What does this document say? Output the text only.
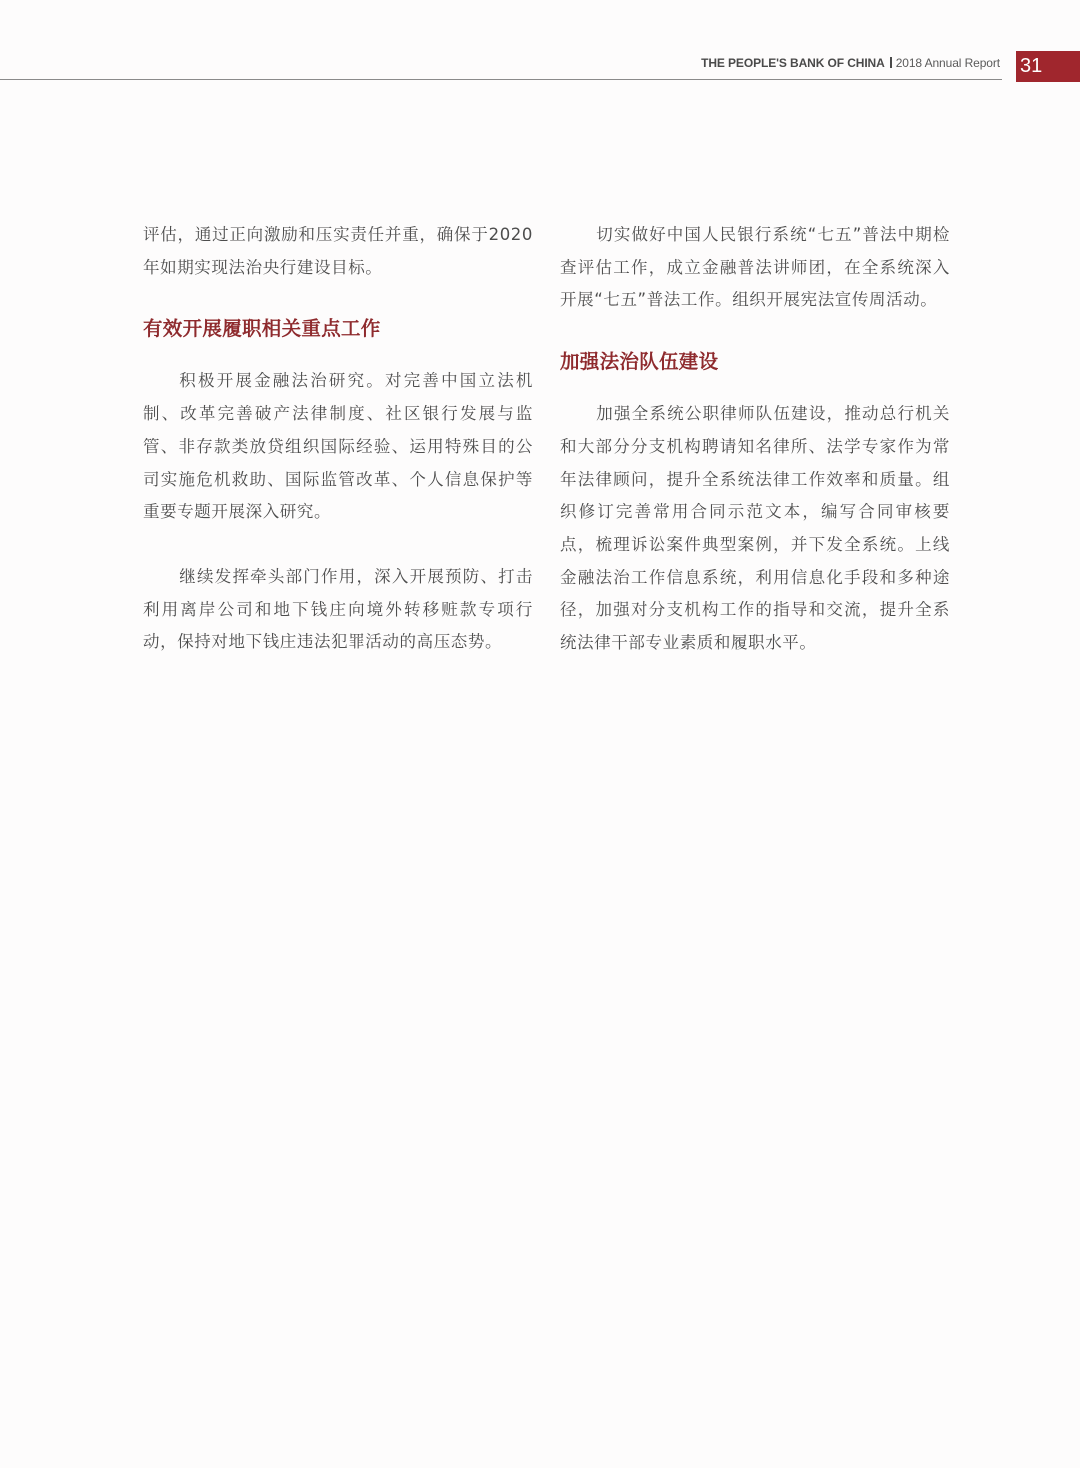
THE PEOPLE'S BANK OF CHINA 2018 Annual Report 31

评估，通过正向激励和压实责任并重，确保于2020年如期实现法治央行建设目标。

有效开展履职相关重点工作

积极开展金融法治研究。对完善中国立法机制、改革完善破产法律制度、社区银行发展与监管、非存款类放贷组织国际经验、运用特殊目的公司实施危机救助、国际监管改革、个人信息保护等重要专题开展深入研究。

继续发挥牵头部门作用，深入开展预防、打击利用离岸公司和地下钱庄向境外转移赃款专项行动，保持对地下钱庄违法犯罪活动的高压态势。

切实做好中国人民银行系统“七五”普法中期检查评估工作，成立金融普法讲师团，在全系统深入开展“七五”普法工作。组织开展宪法宣传周活动。

加强法治队伍建设

加强全系统公职律师队伍建设，推动总行机关和大部分分支机构聘请知名律所、法学专家作为常年法律顾问，提升全系统法律工作效率和质量。组织修订完善常用合同示范文本，编写合同审核要点，梳理诉讼案件典型案例，并下发全系统。上线金融法治工作信息系统，利用信息化手段和多种途径，加强对分支机构工作的指导和交流，提升全系统法律干部专业素质和履职水平。
